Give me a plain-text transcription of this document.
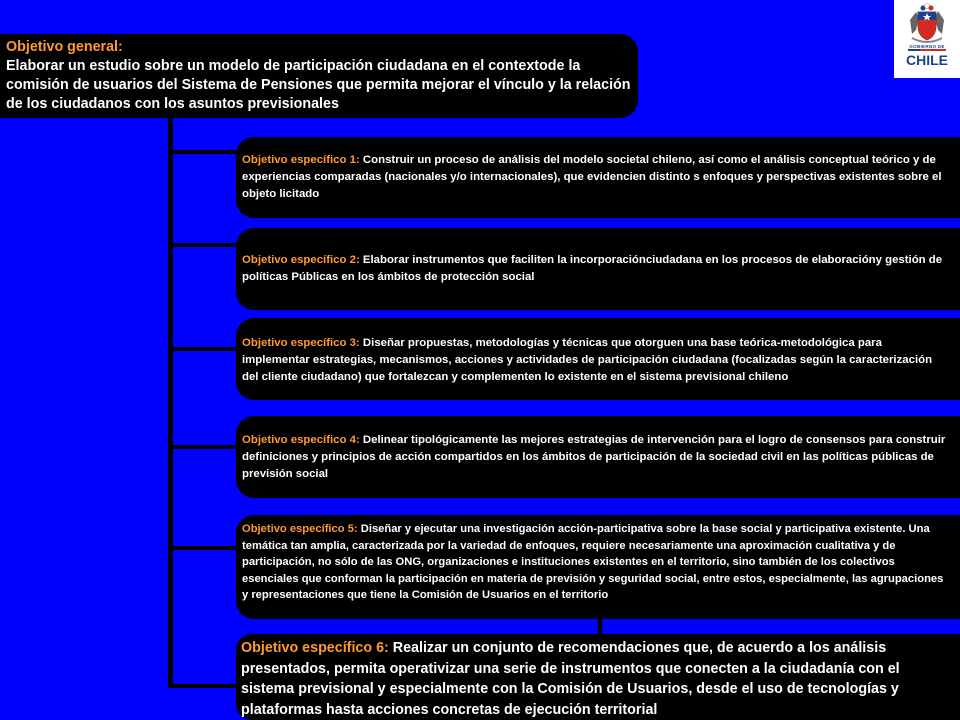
Objetivo general:
Elaborar un estudio sobre un modelo de participación ciudadana en el contextode la comisión de usuarios del Sistema de Pensiones que permita mejorar el vínculo y la relación de los ciudadanos con los asuntos previsionales
Objetivo específico 1: Construir un proceso de análisis del modelo societal chileno, así como el análisis conceptual teórico y de experiencias comparadas (nacionales y/o internacionales), que evidencien distinto s enfoques y perspectivas existentes sobre el objeto licitado
Objetivo específico 2: Elaborar instrumentos que faciliten la incorporaciónciudadana en los procesos de elaboracióny gestión de políticas Públicas en los ámbitos de protección social
Objetivo específico 3: Diseñar propuestas, metodologías y técnicas que otorguen una base teórica-metodológica para implementar estrategias, mecanismos, acciones y actividades de participación ciudadana (focalizadas según la caracterización del cliente ciudadano) que fortalezcan y complementen lo existente en el sistema previsional chileno
Objetivo específico 4: Delinear tipológicamente las mejores estrategias de intervención para el logro de consensos para construir definiciones y principios de acción compartidos en los ámbitos de participación de la sociedad civil en las políticas públicas de previsión social
Objetivo específico 5: Diseñar y ejecutar una investigación acción-participativa sobre la base social y participativa existente. Una temática tan amplia, caracterizada por la variedad de enfoques, requiere necesariamente una aproximación cualitativa y de participación, no sólo de las ONG, organizaciones e instituciones existentes en el territorio, sino también de los colectivos esenciales que conforman la participación en materia de previsión y seguridad social, entre estos, especialmente, las agrupaciones y representaciones que tiene la Comisión de Usuarios en el territorio
Objetivo específico 6: Realizar un conjunto de recomendaciones que, de acuerdo a los análisis presentados, permita operativizar una serie de instrumentos que conecten a la ciudadanía con el sistema previsional y especialmente con la Comisión de Usuarios, desde el uso de tecnologías y plataformas hasta acciones concretas de ejecución territorial
GOBIERNO DE
CHILE
